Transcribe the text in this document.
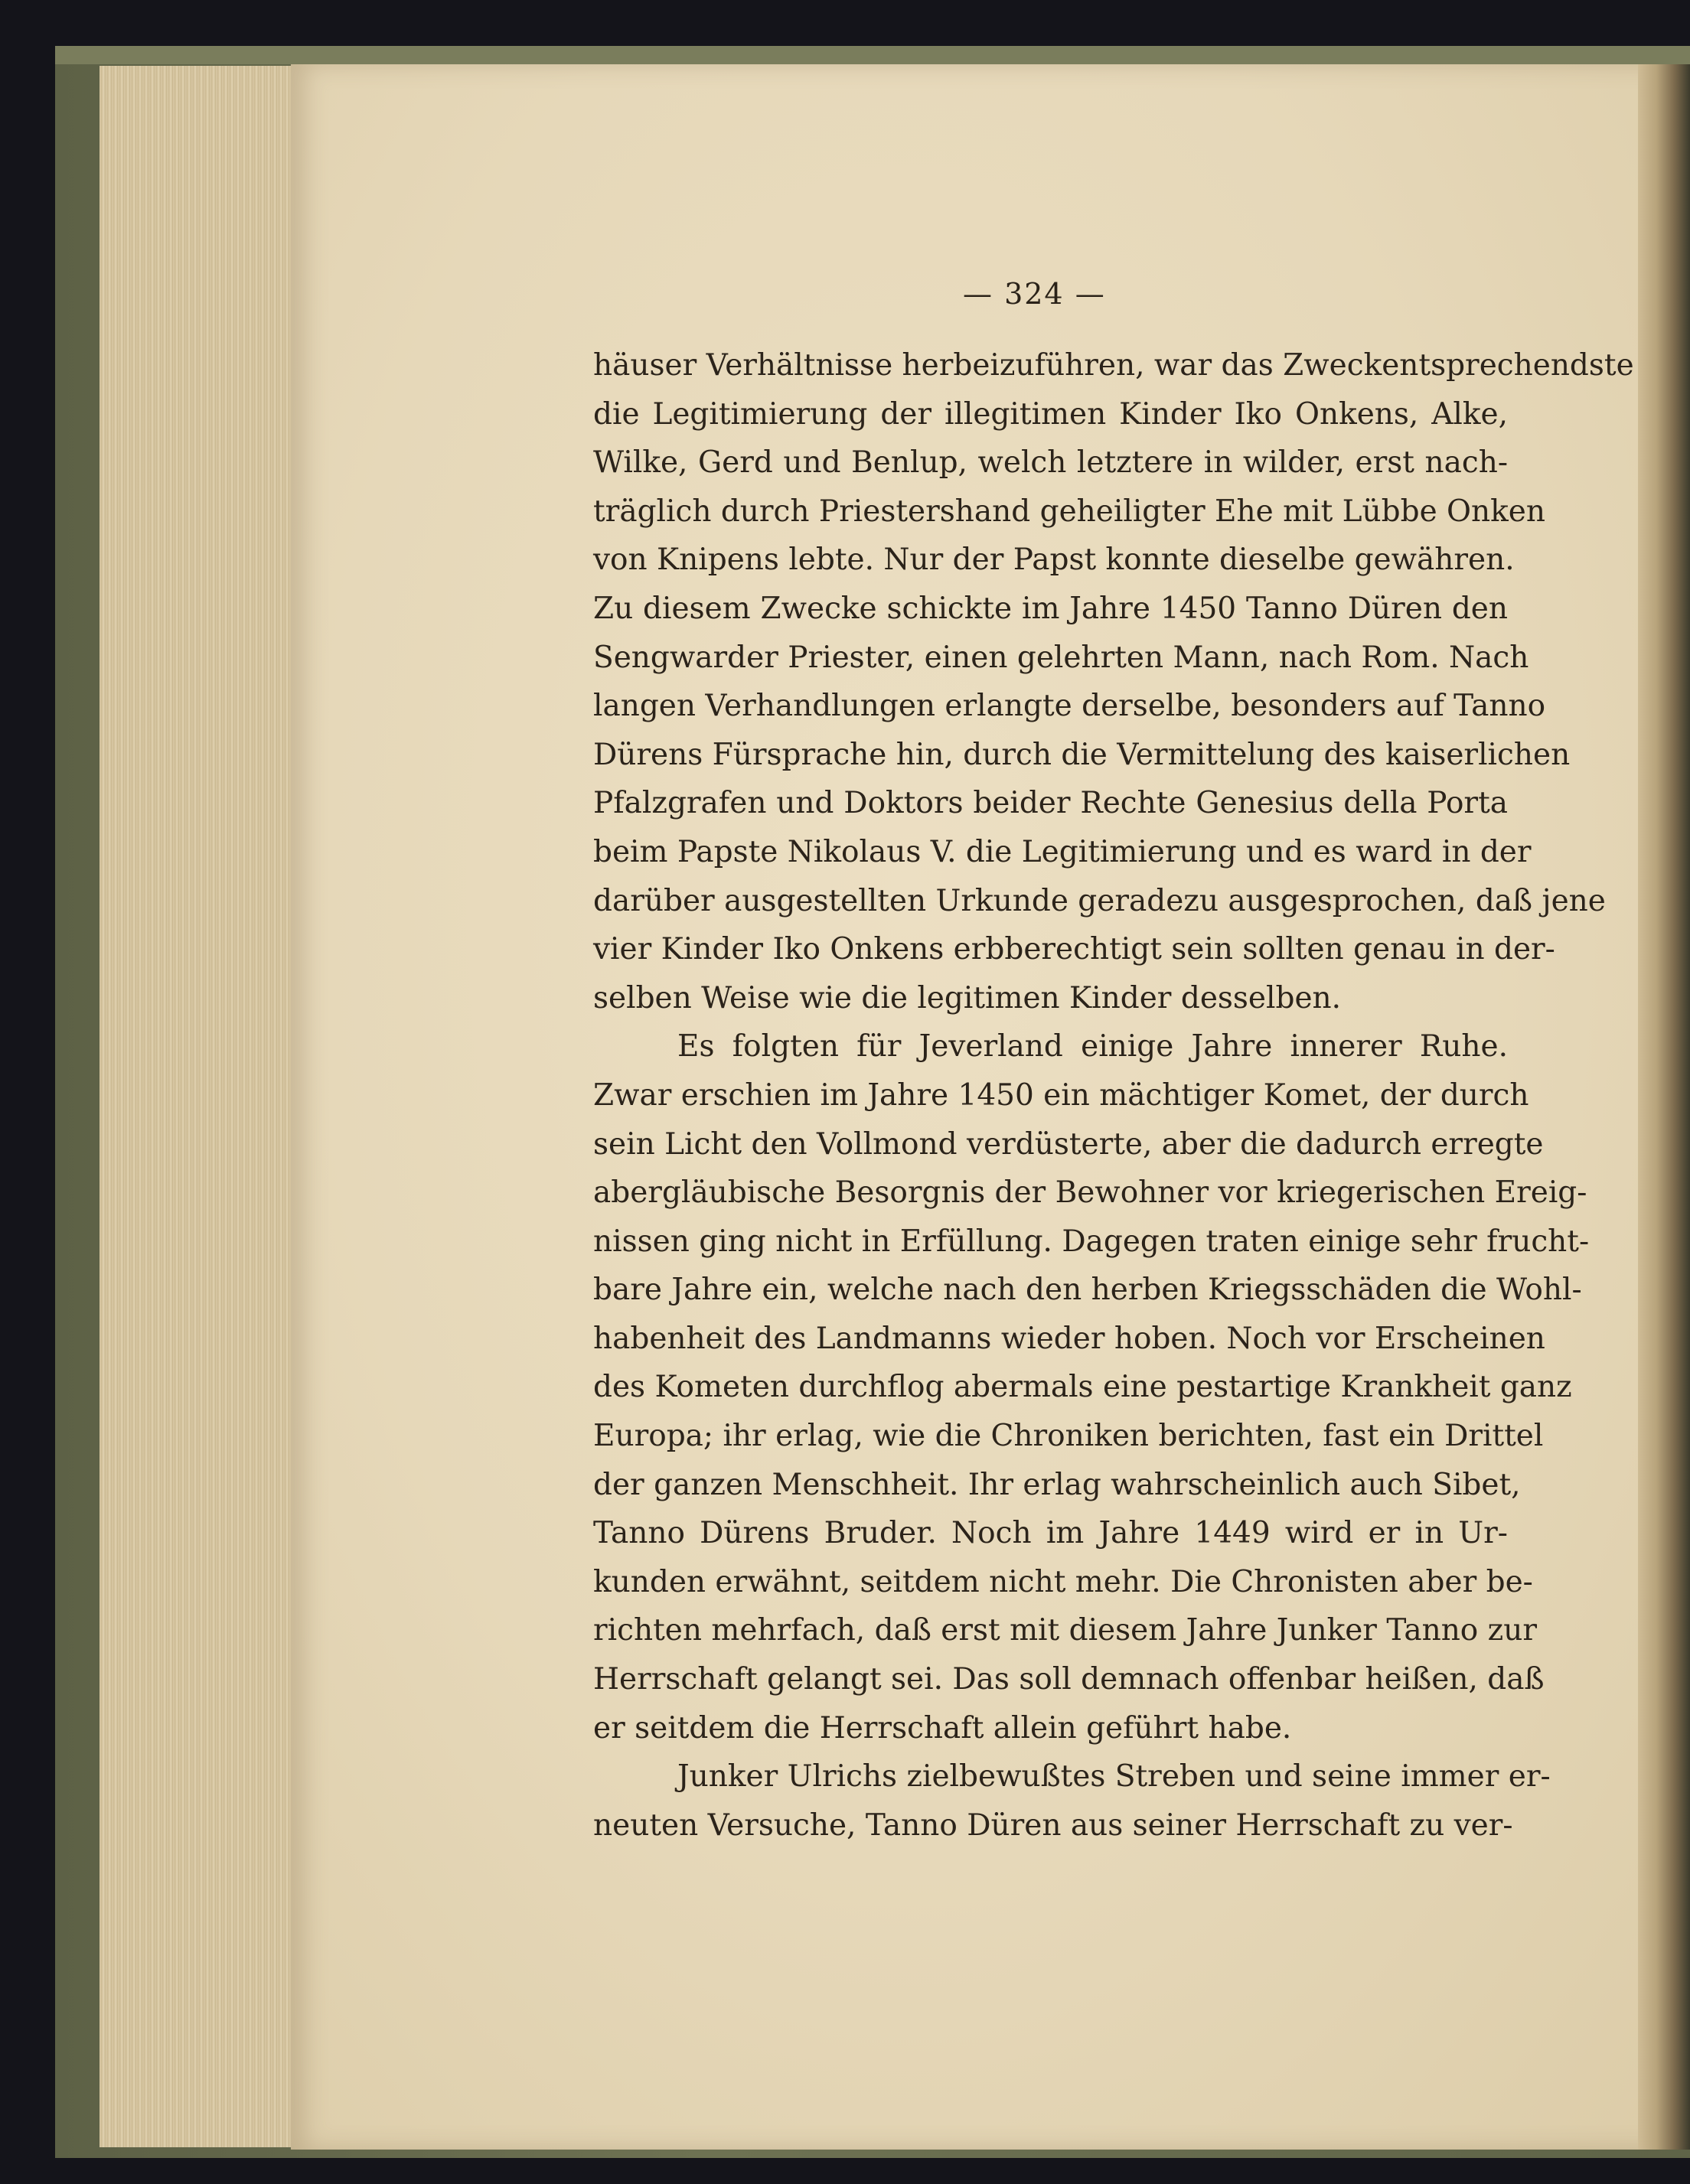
— 324 —
häuser Verhältnisse herbeizuführen, war das Zweckentsprechendste
die Legitimierung der illegitimen Kinder Iko Onkens, Alke,
Wilke, Gerd und Benlup, welch letztere in wilder, erst nach-
träglich durch Priestershand geheiligter Ehe mit Lübbe Onken
von Knipens lebte. Nur der Papst konnte dieselbe gewähren.
Zu diesem Zwecke schickte im Jahre 1450 Tanno Düren den
Sengwarder Priester, einen gelehrten Mann, nach Rom. Nach
langen Verhandlungen erlangte derselbe, besonders auf Tanno
Dürens Fürsprache hin, durch die Vermittelung des kaiserlichen
Pfalzgrafen und Doktors beider Rechte Genesius della Porta
beim Papste Nikolaus V. die Legitimierung und es ward in der
darüber ausgestellten Urkunde geradezu ausgesprochen, daß jene
vier Kinder Iko Onkens erbberechtigt sein sollten genau in der-
selben Weise wie die legitimen Kinder desselben.
Es folgten für Jeverland einige Jahre innerer Ruhe.
Zwar erschien im Jahre 1450 ein mächtiger Komet, der durch
sein Licht den Vollmond verdüsterte, aber die dadurch erregte
abergläubische Besorgnis der Bewohner vor kriegerischen Ereig-
nissen ging nicht in Erfüllung. Dagegen traten einige sehr frucht-
bare Jahre ein, welche nach den herben Kriegsschäden die Wohl-
habenheit des Landmanns wieder hoben. Noch vor Erscheinen
des Kometen durchflog abermals eine pestartige Krankheit ganz
Europa; ihr erlag, wie die Chroniken berichten, fast ein Drittel
der ganzen Menschheit. Ihr erlag wahrscheinlich auch Sibet,
Tanno Dürens Bruder. Noch im Jahre 1449 wird er in Ur-
kunden erwähnt, seitdem nicht mehr. Die Chronisten aber be-
richten mehrfach, daß erst mit diesem Jahre Junker Tanno zur
Herrschaft gelangt sei. Das soll demnach offenbar heißen, daß
er seitdem die Herrschaft allein geführt habe.
Junker Ulrichs zielbewußtes Streben und seine immer er-
neuten Versuche, Tanno Düren aus seiner Herrschaft zu ver-
